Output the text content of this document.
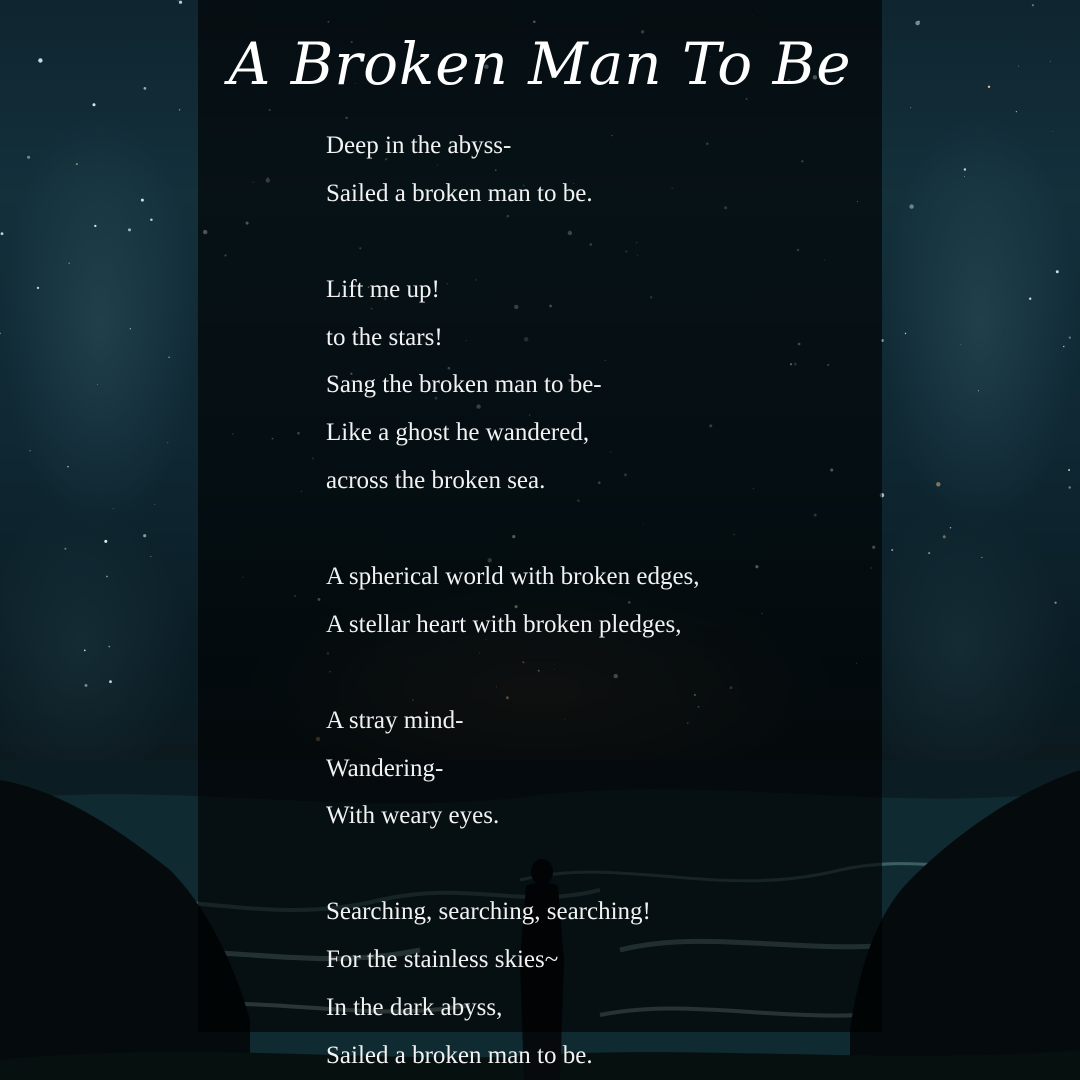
A Broken Man To Be
Deep in the abyss-
Sailed a broken man to be.
Lift me up!
to the stars!
Sang the broken man to be-
Like a ghost he wandered,
across the broken sea.
A spherical world with broken edges,
A stellar heart with broken pledges,
A stray mind-
Wandering-
With weary eyes.
Searching, searching, searching!
For the stainless skies~
In the dark abyss,
Sailed a broken man to be.
